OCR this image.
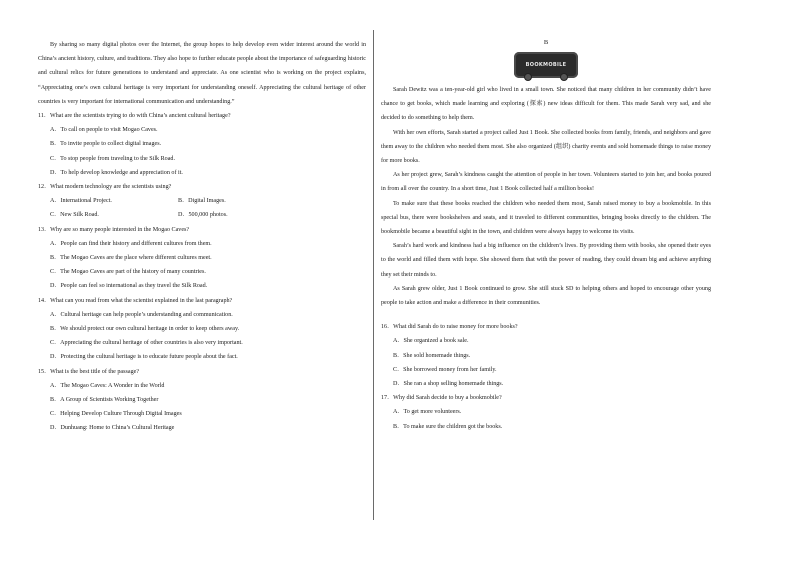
By sharing so many digital photos over the Internet, the group hopes to help develop even wider interest around the world in China’s ancient history, culture, and traditions. They also hope to further educate people about the importance of safeguarding historic and cultural relics for future generations to understand and appreciate. As one scientist who is working on the project explains, “Appreciating one’s own cultural heritage is very important for understanding oneself. Appreciating the cultural heritage of other countries is very important for international communication and understanding.”

11．What are the scientists trying to do with China’s ancient cultural heritage?

A．To call on people to visit Mogao Caves.

B．To invite people to collect digital images.

C．To stop people from traveling to the Silk Road.

D．To help develop knowledge and appreciation of it.

12．What modern technology are the scientists using?

A．International Project.	B．Digital Images.
C．New Silk Road.	D．500,000 photos.

13．Why are so many people interested in the Mogao Caves?

A．People can find their history and different cultures from them.

B．The Mogao Caves are the place where different cultures meet.

C．The Mogao Caves are part of the history of many countries.

D．People can feel so international as they travel the Silk Road.

14．What can you read from what the scientist explained in the last paragraph?

A．Cultural heritage can help people’s understanding and communication.

B．We should protect our own cultural heritage in order to keep others away.

C．Appreciating the cultural heritage of other countries is also very important.

D．Protecting the cultural heritage is to educate future people about the fact.

15．What is the best title of the passage?

A．The Mogao Caves: A Wonder in the World

B．A Group of Scientists Working Together

C．Helping Develop Culture Through Digital Images

D．Dunhuang: Home to China’s Cultural Heritage

B
BOOKMOBILE

Sarah Dewitz was a ten-year-old girl who lived in a small town. She noticed that many children in her community didn’t have chance to get books, which made learning and exploring (探索) new ideas difficult for them. This made Sarah very sad, and she decided to do something to help them.

With her own efforts, Sarah started a project called Just 1 Book. She collected books from family, friends, and neighbors and gave them away to the children who needed them most. She also organized (组织) charity events and sold homemade things to raise money for more books.

As her project grew, Sarah’s kindness caught the attention of people in her town. Volunteers started to join her, and books poured in from all over the country. In a short time, Just 1 Book collected half a million books!

To make sure that these books reached the children who needed them most, Sarah raised money to buy a bookmobile. In this special bus, there were bookshelves and seats, and it traveled to different communities, bringing books directly to the children. The bookmobile became a beautiful sight in the town, and children were always happy to welcome its visits.

Sarah’s hard work and kindness had a big influence on the children’s lives. By providing them with books, she opened their eyes to the world and filled them with hope. She showed them that with the power of reading, they could dream big and achieve anything they set their minds to.

As Sarah grew older, Just 1 Book continued to grow. She still stuck SD to helping others and hoped to encourage other young people to take action and make a difference in their communities.

16．What did Sarah do to raise money for more books?

A．She organized a book sale.

B．She sold homemade things.

C．She borrowed money from her family.

D．She ran a shop selling homemade things.

17．Why did Sarah decide to buy a bookmobile?

A．To get more volunteers.

B．To make sure the children got the books.
